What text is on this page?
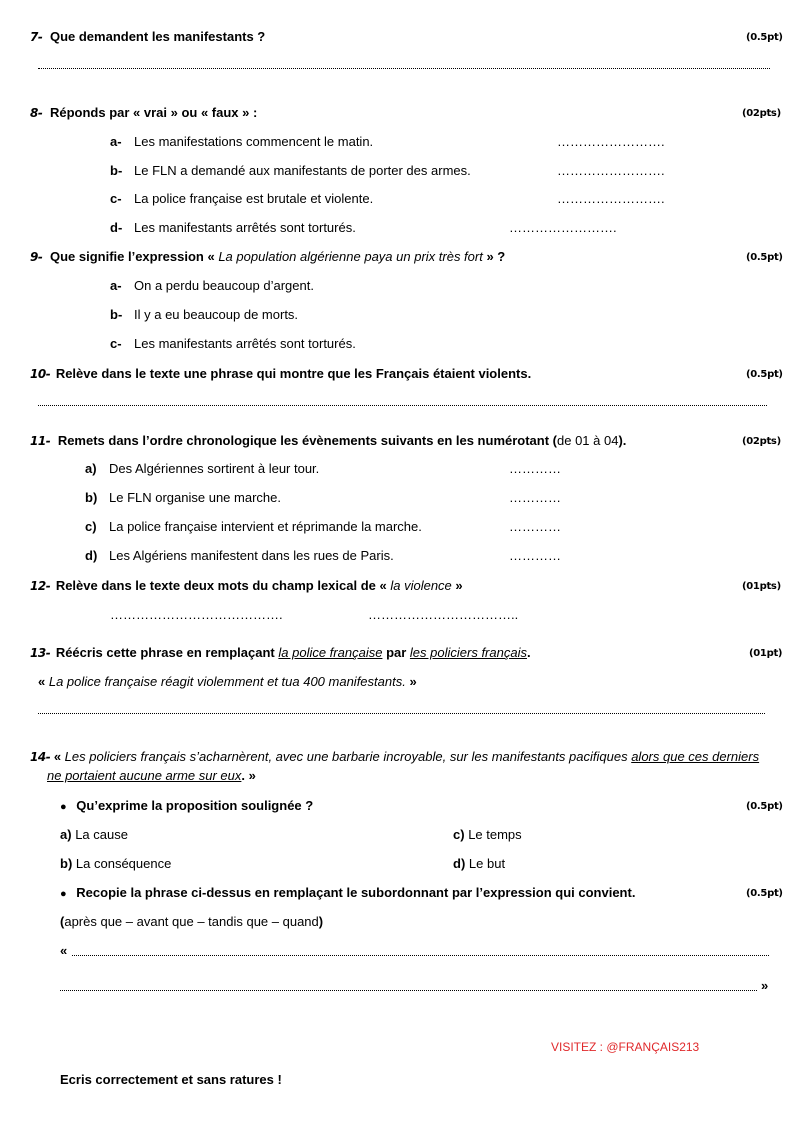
7- Que demandent les manifestants ?	(0.5pt)
8- Réponds par « vrai » ou « faux » :	(02pts)
a- Les manifestations commencent le matin.	…………………….
b- Le FLN a demandé aux manifestants de porter des armes.	…………………….
c- La police française est brutale et violente.	…………………….
d- Les manifestants arrêtés sont torturés.	…………………….
9- Que signifie l’expression « La population algérienne paya un prix très fort » ?	(0.5pt)
a- On a perdu beaucoup d’argent.
b- Il y a eu beaucoup de morts.
c- Les manifestants arrêtés sont torturés.
10- Relève dans le texte une phrase qui montre que les Français étaient violents.	(0.5pt)
11- Remets dans l’ordre chronologique les évènements suivants en les numérotant (de 01 à 04).	(02pts)
a) Des Algériennes sortirent à leur tour.	…………
b) Le FLN organise une marche.	…………
c) La police française intervient et réprimande la marche.	…………
d) Les Algériens manifestent dans les rues de Paris.	…………
12- Relève dans le texte deux mots du champ lexical de « la violence »	(01pts)
………………………………….	……………………………..
13- Réécris cette phrase en remplaçant la police française par les policiers français.	(01pt)
« La police française réagit violemment et tua 400 manifestants. »
14- « Les policiers français s’acharnèrent, avec une barbarie incroyable, sur les manifestants pacifiques alors que ces derniers
ne portaient aucune arme sur eux. »
● Qu’exprime la proposition soulignée ?	(0.5pt)
a) La cause
b) La conséquence
c) Le temps
d) Le but
● Recopie la phrase ci-dessus en remplaçant le subordonnant par l’expression qui convient.	(0.5pt)
(après que – avant que – tandis que – quand)
«
»
VISITEZ : @FRANÇAIS213
Ecris correctement et sans ratures !
